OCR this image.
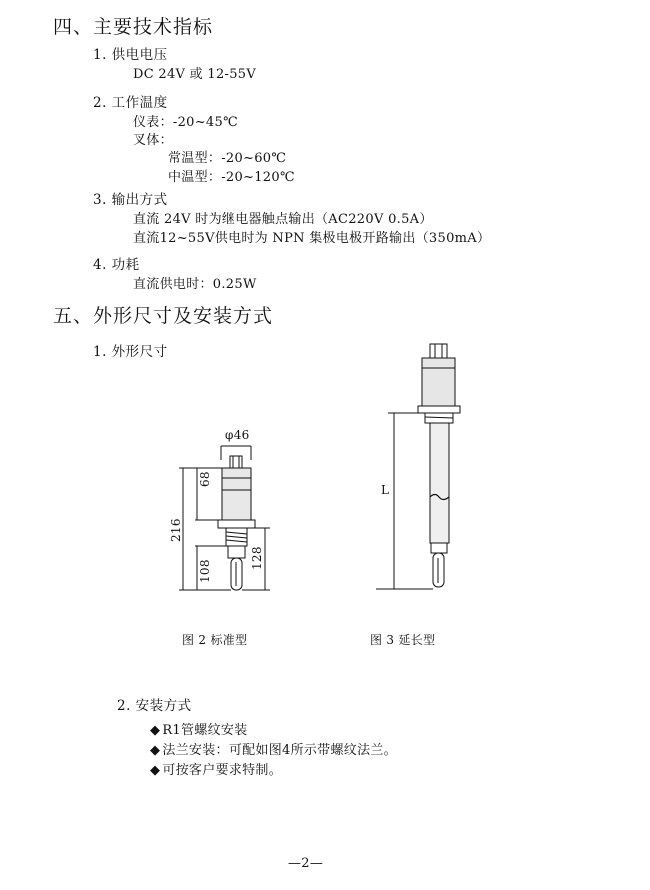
四、主要技术指标
1. 供电电压
DC 24V 或 12-55V
2. 工作温度
仪表：-20~45℃
叉体：
常温型：-20~60℃
中温型：-20~120℃
3. 输出方式
直流 24V 时为继电器触点输出（AC220V 0.5A）
直流12~55V供电时为 NPN 集极电极开路输出（350mA）
4. 功耗
直流供电时：0.25W
五、外形尺寸及安装方式
1. 外形尺寸
φ46
68
216
108
128
L
图 2 标准型	图 3 延长型
2. 安装方式
◆ R1管螺纹安装
◆ 法兰安装：可配如图4所示带螺纹法兰。
◆ 可按客户要求特制。
—2—
